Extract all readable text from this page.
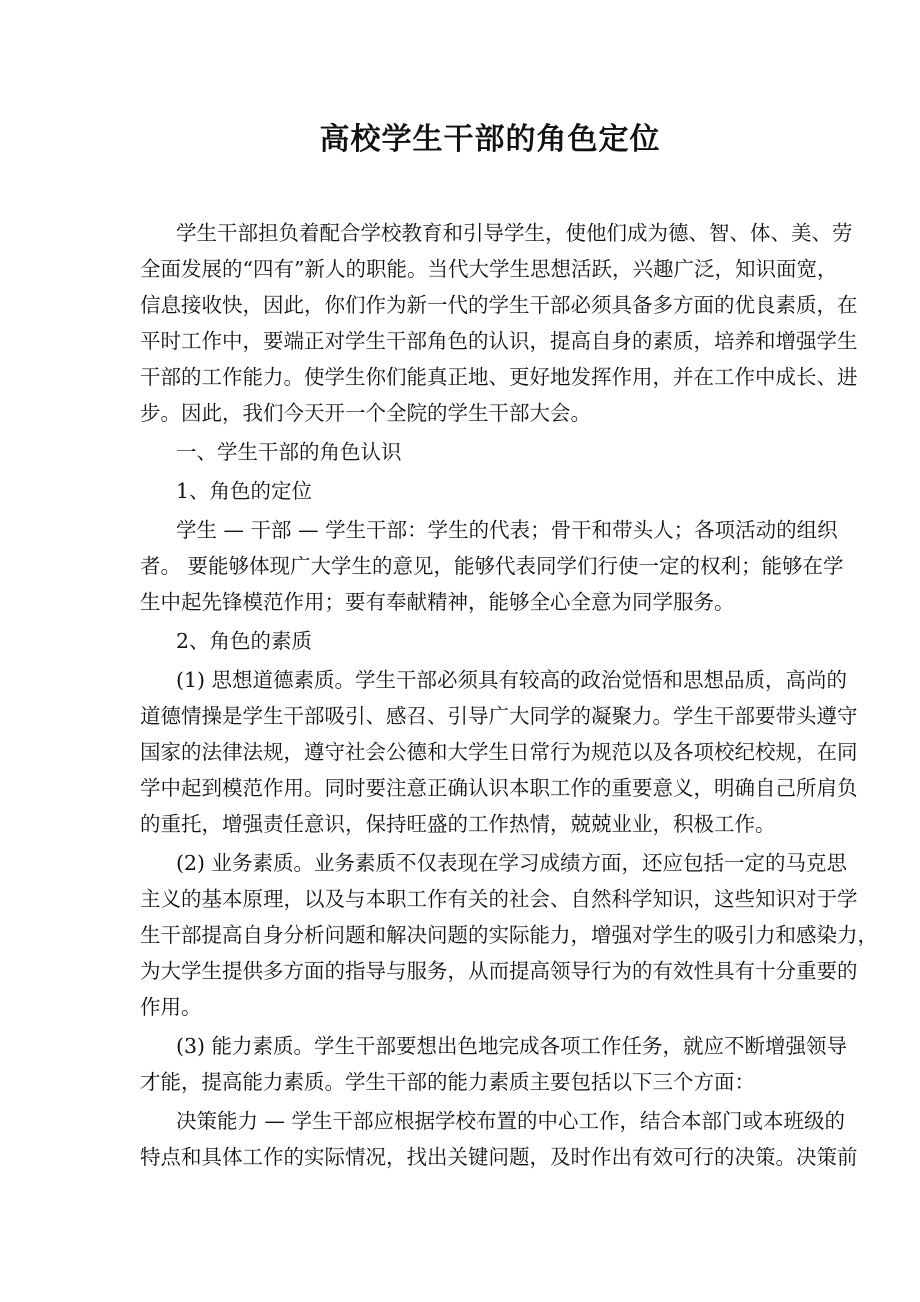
高校学生干部的角色定位
学生干部担负着配合学校教育和引导学生，使他们成为德、智、体、美、劳
全面发展的“四有”新人的职能。当代大学生思想活跃，兴趣广泛，知识面宽，
信息接收快，因此，你们作为新一代的学生干部必须具备多方面的优良素质，在
平时工作中，要端正对学生干部角色的认识，提高自身的素质，培养和增强学生
干部的工作能力。使学生你们能真正地、更好地发挥作用，并在工作中成长、进
步。因此，我们今天开一个全院的学生干部大会。
一、学生干部的角色认识
1、角色的定位
学生 — 干部 — 学生干部：学生的代表；骨干和带头人；各项活动的组织
者。 要能够体现广大学生的意见，能够代表同学们行使一定的权利；能够在学
生中起先锋模范作用；要有奉献精神，能够全心全意为同学服务。
2、角色的素质
(1) 思想道德素质。学生干部必须具有较高的政治觉悟和思想品质，高尚的
道德情操是学生干部吸引、感召、引导广大同学的凝聚力。学生干部要带头遵守
国家的法律法规，遵守社会公德和大学生日常行为规范以及各项校纪校规，在同
学中起到模范作用。同时要注意正确认识本职工作的重要意义，明确自己所肩负
的重托，增强责任意识，保持旺盛的工作热情，兢兢业业，积极工作。
(2) 业务素质。业务素质不仅表现在学习成绩方面，还应包括一定的马克思
主义的基本原理，以及与本职工作有关的社会、自然科学知识，这些知识对于学
生干部提高自身分析问题和解决问题的实际能力，增强对学生的吸引力和感染力，
为大学生提供多方面的指导与服务，从而提高领导行为的有效性具有十分重要的
作用。
(3) 能力素质。学生干部要想出色地完成各项工作任务，就应不断增强领导
才能，提高能力素质。学生干部的能力素质主要包括以下三个方面：
决策能力 — 学生干部应根据学校布置的中心工作，结合本部门或本班级的
特点和具体工作的实际情况，找出关键问题，及时作出有效可行的决策。决策前
